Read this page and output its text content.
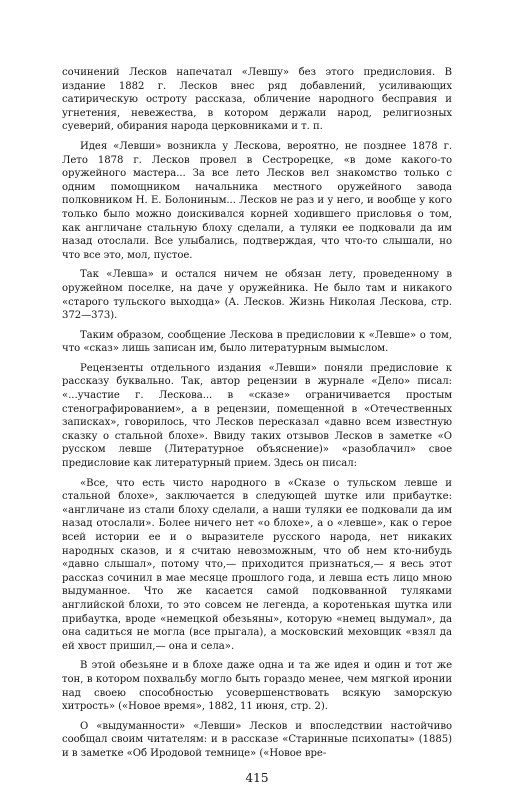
сочинений Лесков напечатал «Левшу» без этого предисловия. В издание 1882 г. Лесков внес ряд добавлений, усиливающих сатирическую остроту рассказа, обличение народного бесправия и угнетения, невежества, в котором держали народ, религиозных суеверий, обирания народа церковниками и т. п.

Идея «Левши» возникла у Лескова, вероятно, не позднее 1878 г. Лето 1878 г. Лесков провел в Сестрорецке, «в доме какого-то оружейного мастера... За все лето Лесков вел знакомство только с одним помощником начальника местного оружейного завода полковником Н. Е. Болониным... Лесков не раз и у него, и вообще у кого только было можно доискивался корней ходившего присловья о том, как англичане стальную блоху сделали, а туляки ее подковали да им назад отослали. Все улыбались, подтверждая, что что-то слышали, но что все это, мол, пустое.

Так «Левша» и остался ничем не обязан лету, проведенному в оружейном поселке, на даче у оружейника. Не было там и никакого «старого тульского выходца» (А. Лесков. Жизнь Николая Лескова, стр. 372—373).

Таким образом, сообщение Лескова в предисловии к «Левше» о том, что «сказ» лишь записан им, было литературным вымыслом.

Рецензенты отдельного издания «Левши» поняли предисловие к рассказу буквально. Так, автор рецензии в журнале «Дело» писал: «...участие г. Лескова... в «сказе» ограничивается простым стенографированием», а в рецензии, помещенной в «Отечественных записках», говорилось, что Лесков пересказал «давно всем известную сказку о стальной блохе». Ввиду таких отзывов Лесков в заметке «О русском левше (Литературное объяснение)» «разоблачил» свое предисловие как литературный прием. Здесь он писал:

«Все, что есть чисто народного в «Сказе о тульском левше и стальной блохе», заключается в следующей шутке или прибаутке: «англичане из стали блоху сделали, а наши туляки ее подковали да им назад отослали». Более ничего нет «о блохе», а о «левше», как о герое всей истории ее и о выразителе русского народа, нет никаких народных сказов, и я считаю невозможным, что об нем кто-нибудь «давно слышал», потому что,— приходится признаться,— я весь этот рассказ сочинил в мае месяце прошлого года, и левша есть лицо мною выдуманное. Что же касается самой подковванной туляками английской блохи, то это совсем не легенда, а коротенькая шутка или прибаутка, вроде «немецкой обезьяны», которую «немец выдумал», да она садиться не могла (все прыгала), а московский меховщик «взял да ей хвост пришил,— она и села».

В этой обезьяне и в блохе даже одна и та же идея и один и тот же тон, в котором похвальбу могло быть гораздо менее, чем мягкой иронии над своею способностью усовершенствовать всякую заморскую хитрость» («Новое время», 1882, 11 июня, стр. 2).

О «выдуманности» «Левши» Лесков и впоследствии настойчиво сообщал своим читателям: и в рассказе «Старинные психопаты» (1885) и в заметке «Об Иродовой темнице» («Новое вре-

415
